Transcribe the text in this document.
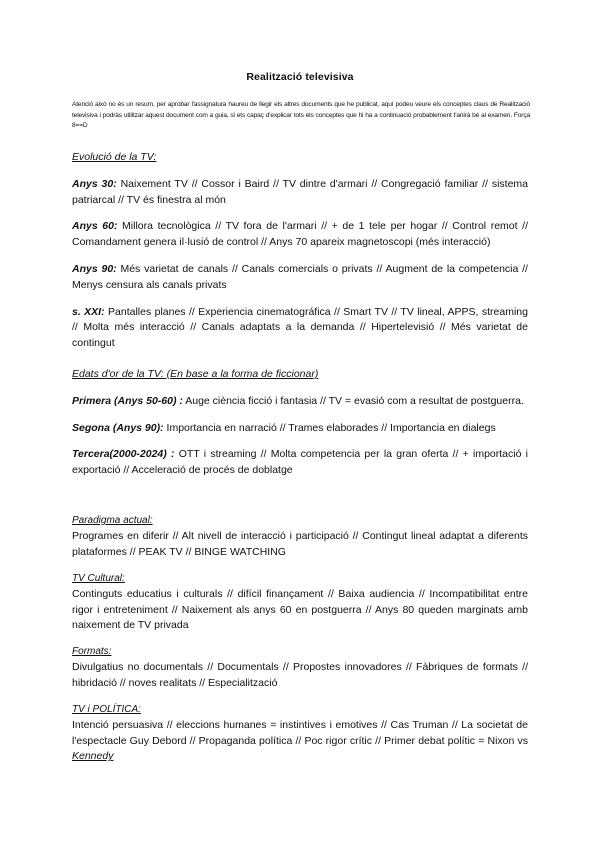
Realització televisiva
Atenció això no és un resum, per aprobar l'assignatura haureu de llegir els altres documents que he publicat, aquí podeu veure els conceptes claus de Realització televisiva i podràs utilitzar aquest document com a guia, si ets capaç d'explicar tots els conceptes que hi ha a continuació probablement t'anirà bé al examen. Força 8==D
Evolució de la TV:
Anys 30: Naixement TV // Cossor i Baird // TV dintre d'armari // Congregació familiar // sistema patriarcal // TV és finestra al món
Anys 60: Millora tecnològica // TV fora de l'armari // + de 1 tele per hogar // Control remot // Comandament genera il·lusió de control // Anys 70 apareix magnetoscopi (més interacció)
Anys 90: Més varietat de canals // Canals comercials o privats // Augment de la competencia // Menys censura als canals privats
s. XXI: Pantalles planes // Experiencia cinematográfica // Smart TV // TV lineal, APPS, streaming // Molta més interacció // Canals adaptats a la demanda // Hipertelevisió // Més varietat de contingut
Edats d'or de la TV: (En base a la forma de ficcionar)
Primera (Anys 50-60) : Auge ciència ficció i fantasia // TV = evasió com a resultat de postguerra.
Segona (Anys 90): Importancia en narració // Trames elaborades // Importancia en dialegs
Tercera(2000-2024) : OTT i streaming // Molta competencia per la gran oferta // + importació i exportació // Acceleració de procés de doblatge
Paradigma actual:
Programes en diferir // Alt nivell de interacció i participació // Contingut lineal adaptat a diferents plataformes // PEAK TV // BINGE WATCHING
TV Cultural:
Continguts educatius i culturals // difícil finançament // Baixa audiencia // Incompatibilitat entre rigor i entreteniment // Naixement als anys 60 en postguerra // Anys 80 queden marginats amb naixement de TV privada
Formats:
Divulgatius no documentals // Documentals // Propostes innovadores // Fàbriques de formats // hibridació // noves realitats // Especialització
TV i POLÍTICA:
Intenció persuasiva // eleccions humanes = instintives i emotives // Cas Truman // La societat de l'espectacle Guy Debord // Propaganda política // Poc rigor crític // Primer debat polític = Nixon vs Kennedy
